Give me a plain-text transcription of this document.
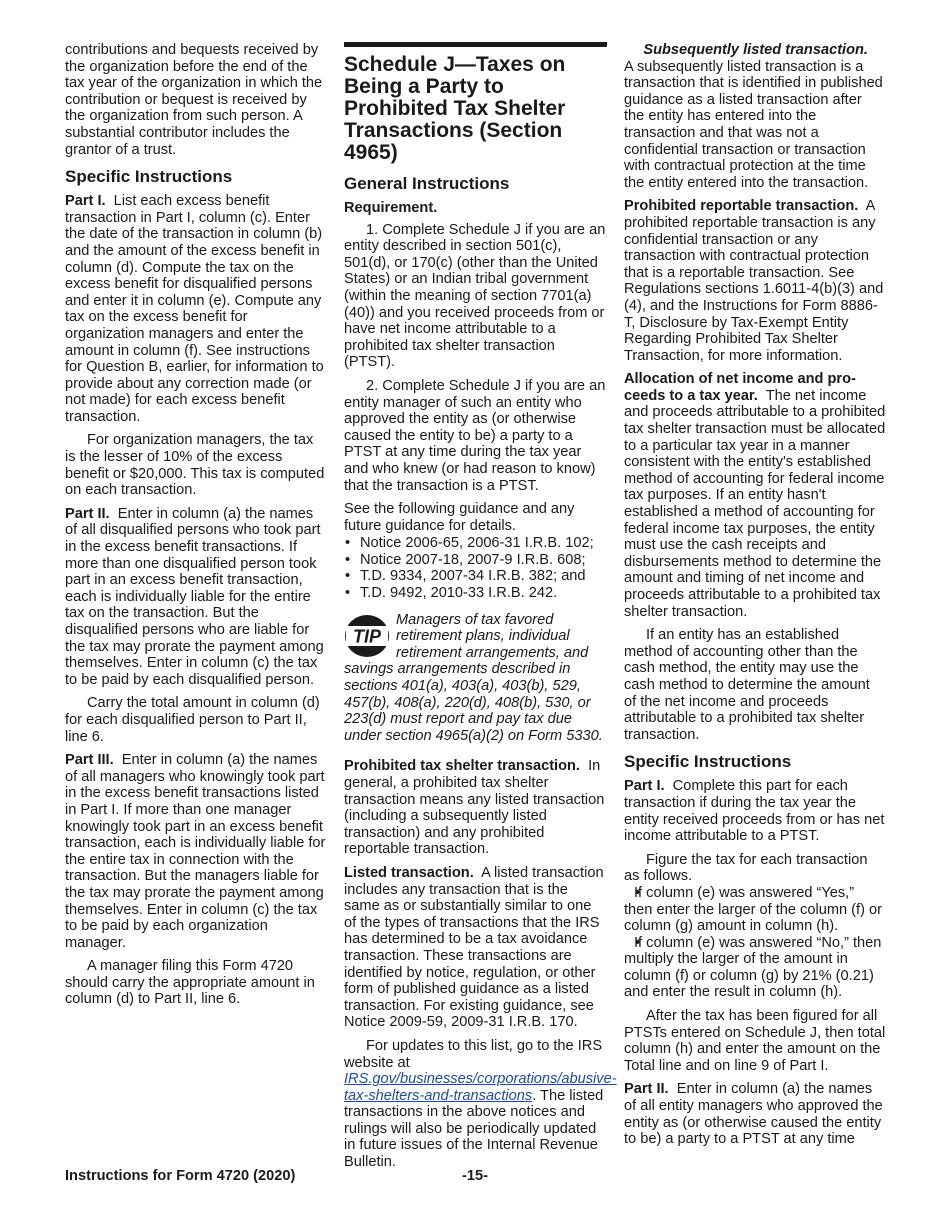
contributions and bequests received by the organization before the end of the tax year of the organization in which the contribution or bequest is received by the organization from such person. A substantial contributor includes the grantor of a trust.

Specific Instructions

Part I. List each excess benefit transaction in Part I, column (c). Enter the date of the transaction in column (b) and the amount of the excess benefit in column (d). Compute the tax on the excess benefit for disqualified persons and enter it in column (e). Compute any tax on the excess benefit for organization managers and enter the amount in column (f). See instructions for Question B, earlier, for information to provide about any correction made (or not made) for each excess benefit transaction.

For organization managers, the tax is the lesser of 10% of the excess benefit or $20,000. This tax is computed on each transaction.

Part II. Enter in column (a) the names of all disqualified persons who took part in the excess benefit transactions. If more than one disqualified person took part in an excess benefit transaction, each is individually liable for the entire tax on the transaction. But the disqualified persons who are liable for the tax may prorate the payment among themselves. Enter in column (c) the tax to be paid by each disqualified person.

Carry the total amount in column (d) for each disqualified person to Part II, line 6.

Part III. Enter in column (a) the names of all managers who knowingly took part in the excess benefit transactions listed in Part I. If more than one manager knowingly took part in an excess benefit transaction, each is individually liable for the entire tax in connection with the transaction. But the managers liable for the tax may prorate the payment among themselves. Enter in column (c) the tax to be paid by each organization manager.

A manager filing this Form 4720 should carry the appropriate amount in column (d) to Part II, line 6.

Schedule J—Taxes on Being a Party to Prohibited Tax Shelter Transactions (Section 4965)
General Instructions
Requirement.

1. Complete Schedule J if you are an entity described in section 501(c), 501(d), or 170(c) (other than the United States) or an Indian tribal government (within the meaning of section 7701(a)(40)) and you received proceeds from or have net income attributable to a prohibited tax shelter transaction (PTST).

2. Complete Schedule J if you are an entity manager of such an entity who approved the entity as (or otherwise caused the entity to be) a party to a PTST at any time during the tax year and who knew (or had reason to know) that the transaction is a PTST.

See the following guidance and any future guidance for details.

• Notice 2006-65, 2006-31 I.R.B. 102;
• Notice 2007-18, 2007-9 I.R.B. 608;
• T.D. 9334, 2007-34 I.R.B. 382; and
• T.D. 9492, 2010-33 I.R.B. 242.
TIP
Managers of tax favored retirement plans, individual retirement arrangements, and savings arrangements described in sections 401(a), 403(a), 403(b), 529, 457(b), 408(a), 220(d), 408(b), 530, or 223(d) must report and pay tax due under section 4965(a)(2) on Form 5330.

Prohibited tax shelter transaction. In general, a prohibited tax shelter transaction means any listed transaction (including a subsequently listed transaction) and any prohibited reportable transaction.

Listed transaction. A listed transaction includes any transaction that is the same as or substantially similar to one of the types of transactions that the IRS has determined to be a tax avoidance transaction. These transactions are identified by notice, regulation, or other form of published guidance as a listed transaction. For existing guidance, see Notice 2009-59, 2009-31 I.R.B. 170.

For updates to this list, go to the IRS website at IRS.gov/businesses/corporations/abusive-tax-shelters-and-transactions. The listed transactions in the above notices and rulings will also be periodically updated in future issues of the Internal Revenue Bulletin.

Subsequently listed transaction.

A subsequently listed transaction is a transaction that is identified in published guidance as a listed transaction after the entity has entered into the transaction and that was not a confidential transaction or transaction with contractual protection at the time the entity entered into the transaction.

Prohibited reportable transaction. A prohibited reportable transaction is any confidential transaction or any transaction with contractual protection that is a reportable transaction. See Regulations sections 1.6011-4(b)(3) and (4), and the Instructions for Form 8886-T, Disclosure by Tax-Exempt Entity Regarding Prohibited Tax Shelter Transaction, for more information.

Allocation of net income and pro-ceeds to a tax year. The net income and proceeds attributable to a prohibited tax shelter transaction must be allocated to a particular tax year in a manner consistent with the entity's established method of accounting for federal income tax purposes. If an entity hasn't established a method of accounting for federal income tax purposes, the entity must use the cash receipts and disbursements method to determine the amount and timing of net income and proceeds attributable to a prohibited tax shelter transaction.

If an entity has an established method of accounting other than the cash method, the entity may use the cash method to determine the amount of the net income and proceeds attributable to a prohibited tax shelter transaction.

Specific Instructions

Part I. Complete this part for each transaction if during the tax year the entity received proceeds from or has net income attributable to a PTST.

Figure the tax for each transaction as follows.

• If column (e) was answered “Yes,” then enter the larger of the column (f) or column (g) amount in column (h).
• If column (e) was answered “No,” then multiply the larger of the amount in column (f) or column (g) by 21% (0.21) and enter the result in column (h).

After the tax has been figured for all PTSTs entered on Schedule J, then total column (h) and enter the amount on the Total line and on line 9 of Part I.

Part II. Enter in column (a) the names of all entity managers who approved the entity as (or otherwise caused the entity to be) a party to a PTST at any time

Instructions for Form 4720 (2020)	-15-
